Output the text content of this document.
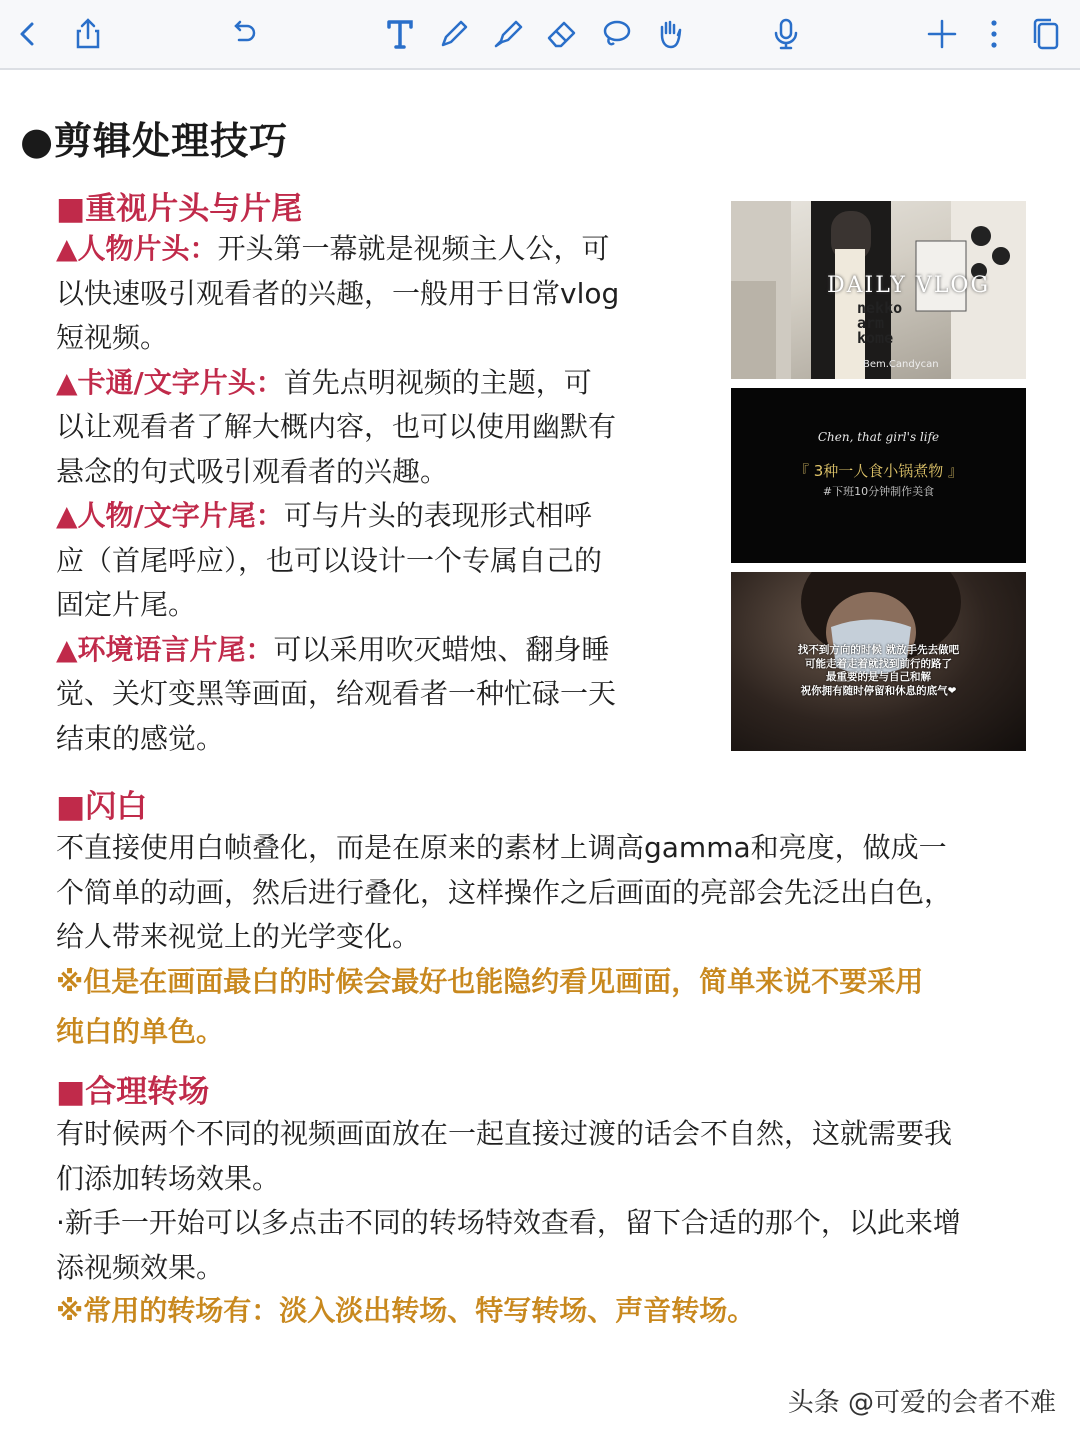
●剪辑处理技巧
■重视片头与片尾
▲人物片头：开头第一幕就是视频主人公，可
以快速吸引观看者的兴趣，一般用于日常vlog
短视频。
▲卡通/文字片头：首先点明视频的主题，可
以让观看者了解大概内容，也可以使用幽默有
悬念的句式吸引观看者的兴趣。
▲人物/文字片尾：可与片头的表现形式相呼
应（首尾呼应），也可以设计一个专属自己的
固定片尾。
▲环境语言片尾：可以采用吹灭蜡烛、翻身睡
觉、关灯变黑等画面，给观看者一种忙碌一天
结束的感觉。
DAILY VLOG
nekko
arm
kome
Bem.Candycan
Chen, that girl's life
『 3种一人食小锅煮物 』
#下班10分钟制作美食
找不到方向的时候 就放手先去做吧
可能走着走着就找到前行的路了
最重要的是与自己和解
祝你拥有随时停留和休息的底气❤
■闪白
不直接使用白帧叠化，而是在原来的素材上调高gamma和亮度，做成一
个简单的动画，然后进行叠化，这样操作之后画面的亮部会先泛出白色，
给人带来视觉上的光学变化。
※但是在画面最白的时候会最好也能隐约看见画面，简单来说不要采用
纯白的单色。
■合理转场
有时候两个不同的视频画面放在一起直接过渡的话会不自然，这就需要我
们添加转场效果。
·新手一开始可以多点击不同的转场特效查看，留下合适的那个，以此来增
添视频效果。
※常用的转场有：淡入淡出转场、特写转场、声音转场。
头条 @可爱的会者不难
